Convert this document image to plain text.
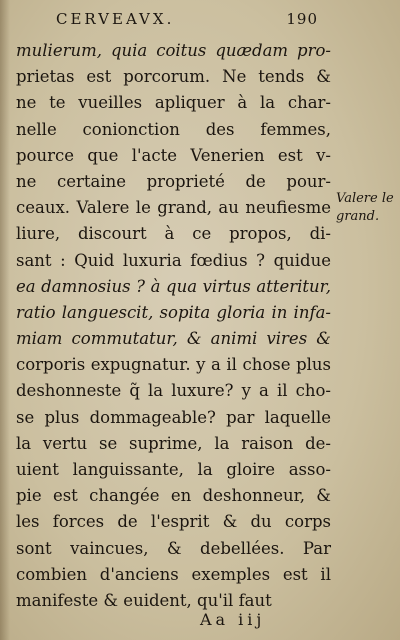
CERVEAVX.	190
mulierum, quia coitus quædam pro-
prietas est porcorum. Ne tends &
ne te vueilles apliquer à la char-
nelle conionction des femmes,
pource que l'acte Venerien est v-
ne certaine proprieté de pour-
ceaux. Valere le grand, au neufiesme
liure, discourt à ce propos, di-
sant : Quid luxuria fœdius ? quidue
ea damnosius ? à qua virtus atteritur,
ratio languescit, sopita gloria in infa-
miam commutatur, & animi vires &
corporis expugnatur. y a il chose plus
deshonneste q̃ la luxure? y a il cho-
se plus dommageable? par laquelle
la vertu se suprime, la raison de-
uient languissante, la gloire asso-
pie est changée en deshonneur, &
les forces de l'esprit & du corps
sont vaincues, & debellées. Par
combien d'anciens exemples est il
manifeste & euident, qu'il faut
Valere le
grand.
Aa iij
